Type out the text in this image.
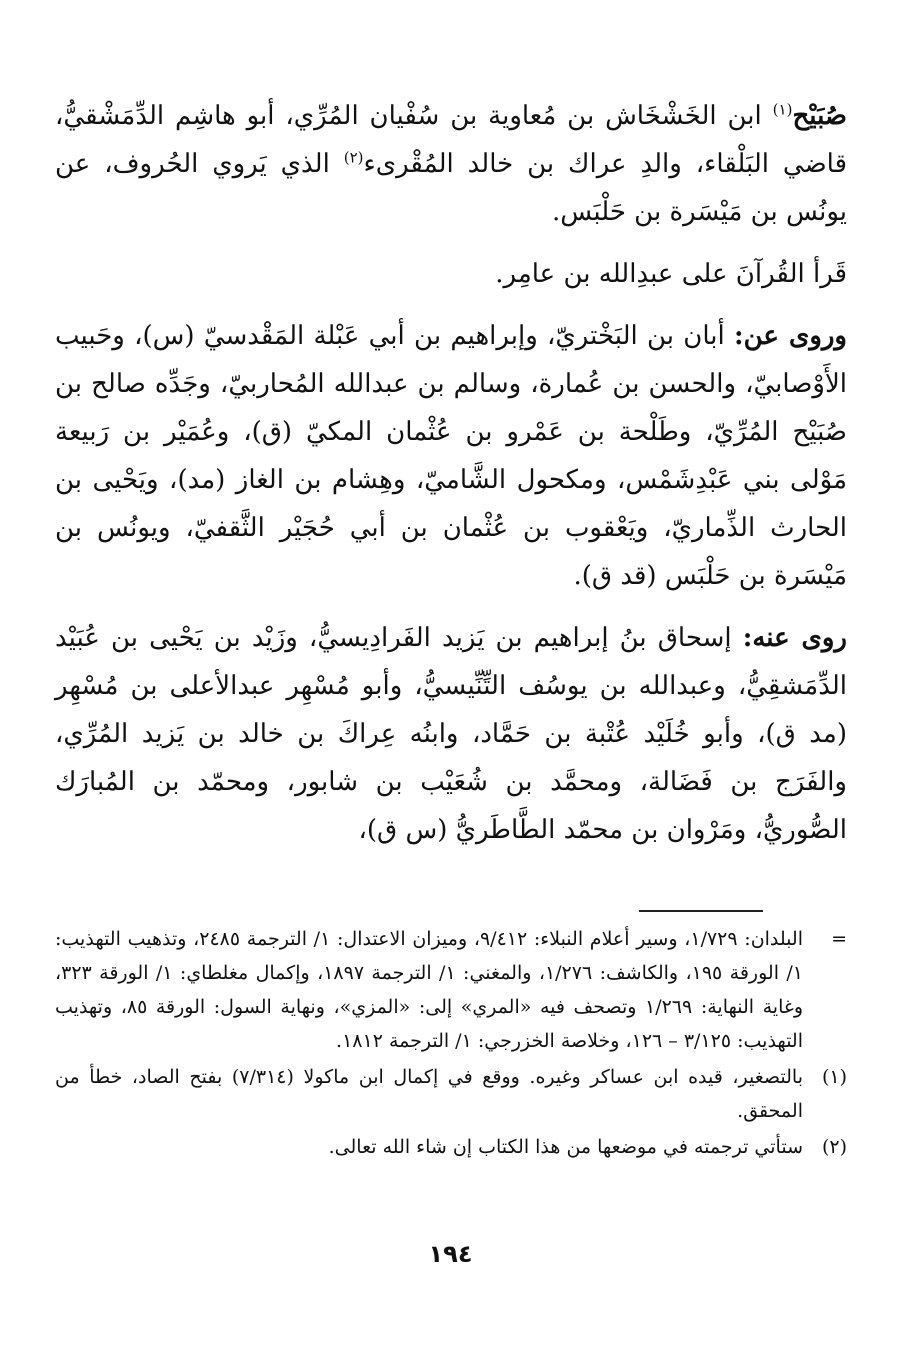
صُبَيْح$^{(١)}$ ابن الخَشْخَاش بن مُعاوية بن سُفْيان المُرِّي، أبو هاشِم الدِّمَشْقيُّ، قاضي البَلْقاء، والدِ عراك بن خالد المُقْرىء$^{(٢)}$ الذي يَروي الحُروف، عن يونُس بن مَيْسَرة بن حَلْبَس.

قَرأ القُرآنَ على عبدِالله بن عامِر.

وروى عن: أبان بن البَخْتريّ، وإبراهيم بن أبي عَبْلة المَقْدسيّ (س)، وحَبيب الأَوْصابيّ، والحسن بن عُمارة، وسالم بن عبدالله المُحاربيّ، وجَدِّه صالح بن صُبَيْح المُرِّيّ، وطَلْحة بن عَمْرو بن عُثْمان المكيّ (ق)، وعُمَيْر بن رَبيعة مَوْلى بني عَبْدِشَمْس، ومكحول الشَّاميّ، وهِشام بن الغاز (مد)، ويَحْيى بن الحارث الذِّماريّ، ويَعْقوب بن عُثْمان بن أبي حُجَيْر الثَّقفيّ، ويونُس بن مَيْسَرة بن حَلْبَس (قد ق).

روى عنه: إسحاق بنُ إبراهيم بن يَزيد الفَرادِيسيُّ، وزَيْد بن يَحْيى بن عُبَيْد الدِّمَشقِيُّ، وعبدالله بن يوسُف التِّنِّيسيُّ، وأبو مُسْهِر عبدالأعلى بن مُسْهِر (مد ق)، وأبو خُلَيْد عُتْبة بن حَمَّاد، وابنُه عِراكَ بن خالد بن يَزيد المُرِّي، والفَرَج بن فَضَالة، ومحمَّد بن شُعَيْب بن شابور، ومحمّد بن المُبارَك الصُّوريُّ، ومَرْوان بن محمّد الطَّاطَريُّ (س ق)،

=
البلدان: ١/٧٢٩، وسير أعلام النبلاء: ٩/٤١٢، وميزان الاعتدال: ١/ الترجمة ٢٤٨٥، وتذهيب التهذيب: ١/ الورقة ١٩٥، والكاشف: ١/٢٧٦، والمغني: ١/ الترجمة ١٨٩٧، وإكمال مغلطاي: ١/ الورقة ٣٢٣، وغاية النهاية: ١/٢٦٩ وتصحف فيه «المري» إلى: «المزي»، ونهاية السول: الورقة ٨٥، وتهذيب التهذيب: ٣/١٢٥ – ١٢٦، وخلاصة الخزرجي: ١/ الترجمة ١٨١٢.
(١)
بالتصغير، قيده ابن عساكر وغيره. ووقع في إكمال ابن ماكولا (٧/٣١٤) بفتح الصاد، خطأ من المحقق.
(٢)
ستأتي ترجمته في موضعها من هذا الكتاب إن شاء الله تعالى.
١٩٤
